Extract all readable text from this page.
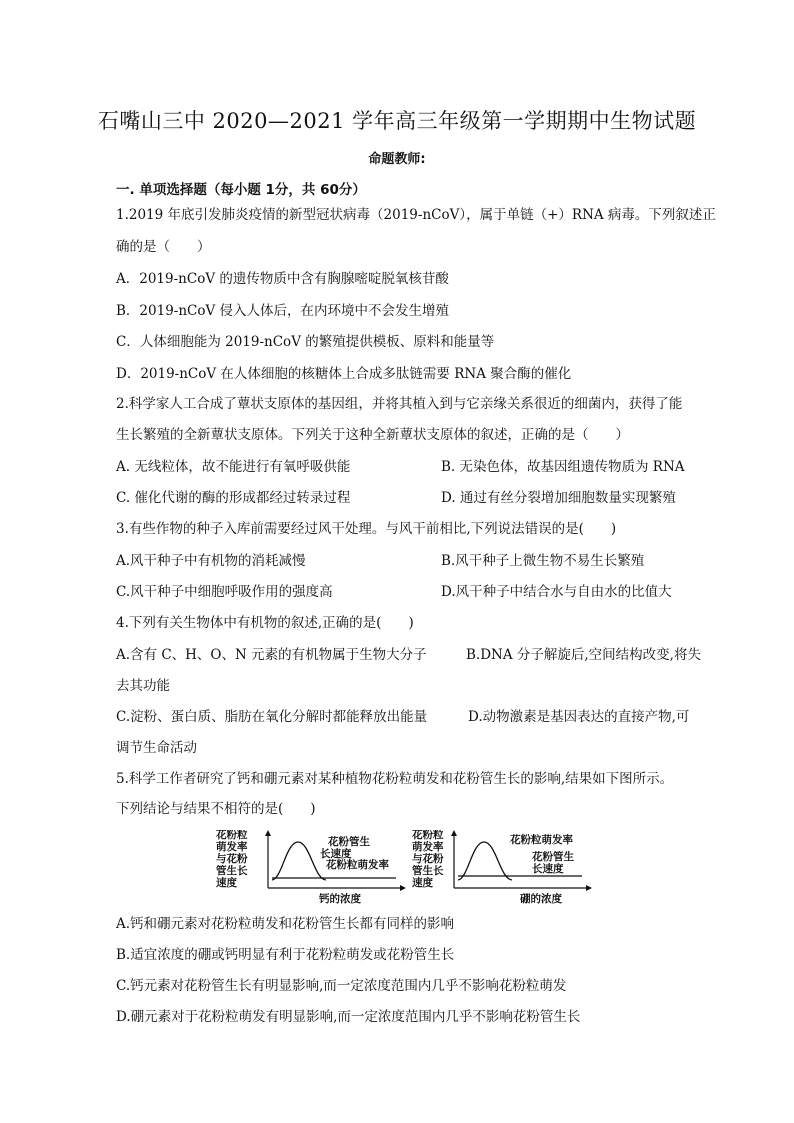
石嘴山三中 2020—2021 学年高三年级第一学期期中生物试题
命题教师:
一. 单项选择题（每小题 1分，共 60分）
1.2019 年底引发肺炎疫情的新型冠状病毒（2019-nCoV），属于单链（+）RNA 病毒。下列叙述正
确的是（　　）
A．2019-nCoV 的遗传物质中含有胸腺嘧啶脱氧核苷酸
B．2019-nCoV 侵入人体后，在内环境中不会发生增殖
C．人体细胞能为 2019-nCoV 的繁殖提供模板、原料和能量等
D．2019-nCoV 在人体细胞的核糖体上合成多肽链需要 RNA 聚合酶的催化
2.科学家人工合成了蕈状支原体的基因组，并将其植入到与它亲缘关系很近的细菌内，获得了能
生长繁殖的全新蕈状支原体。下列关于这种全新蕈状支原体的叙述，正确的是（　　）
A. 无线粒体，故不能进行有氧呼吸供能	B. 无染色体，故基因组遗传物质为 RNA
C. 催化代谢的酶的形成都经过转录过程	D. 通过有丝分裂增加细胞数量实现繁殖
3.有些作物的种子入库前需要经过风干处理。与风干前相比,下列说法错误的是(　　)
A.风干种子中有机物的消耗减慢	B.风干种子上微生物不易生长繁殖
C.风干种子中细胞呼吸作用的强度高	D.风干种子中结合水与自由水的比值大
4.下列有关生物体中有机物的叙述,正确的是(　　)
A.含有 C、H、O、N 元素的有机物属于生物大分子	B.DNA 分子解旋后,空间结构改变,将失
去其功能
C.淀粉、蛋白质、脂肪在氧化分解时都能释放出能量	D.动物激素是基因表达的直接产物,可
调节生命活动
5.科学工作者研究了钙和硼元素对某种植物花粉粒萌发和花粉管生长的影响,结果如下图所示。
下列结论与结果不相符的是(　　)
花粉粒
萌发率
与花粉
管生长
速度
花粉管生
长速度
花粉粒萌发率
钙的浓度
花粉粒
萌发率
与花粉
管生长
速度
花粉粒萌发率
花粉管生
长速度
硼的浓度
A.钙和硼元素对花粉粒萌发和花粉管生长都有同样的影响
B.适宜浓度的硼或钙明显有利于花粉粒萌发或花粉管生长
C.钙元素对花粉管生长有明显影响,而一定浓度范围内几乎不影响花粉粒萌发
D.硼元素对于花粉粒萌发有明显影响,而一定浓度范围内几乎不影响花粉管生长
